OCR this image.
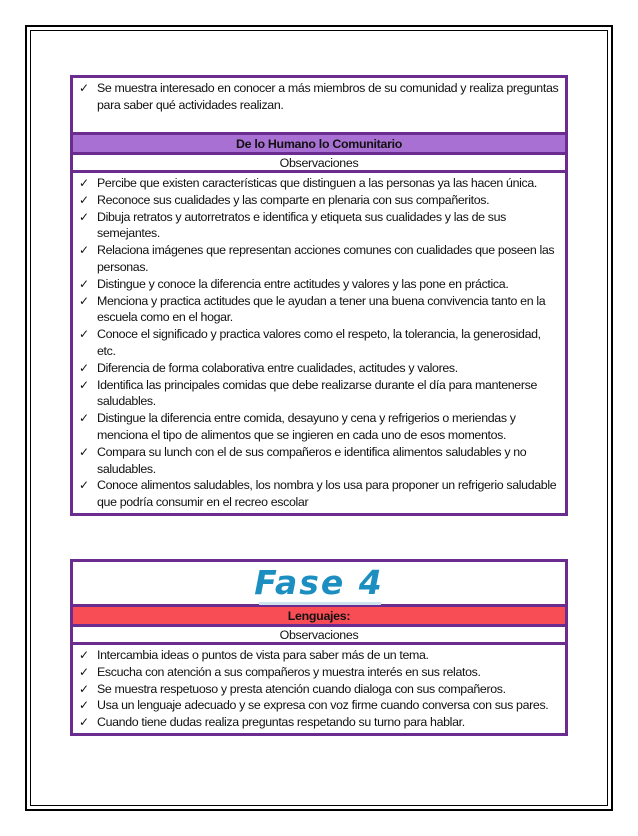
✓ Se muestra interesado en conocer a más miembros de su comunidad y realiza preguntas para saber qué actividades realizan.
De lo Humano lo Comunitario
Observaciones
✓ Percibe que existen características que distinguen a las personas ya las hacen única.
✓ Reconoce sus cualidades y las comparte en plenaria con sus compañeritos.
✓ Dibuja retratos y autorretratos e identifica y etiqueta sus cualidades y las de sus semejantes.
✓ Relaciona imágenes que representan acciones comunes con cualidades que poseen las personas.
✓ Distingue y conoce la diferencia entre actitudes y valores y las pone en práctica.
✓ Menciona y practica actitudes que le ayudan a tener una buena convivencia tanto en la escuela como en el hogar.
✓ Conoce el significado y practica valores como el respeto, la tolerancia, la generosidad, etc.
✓ Diferencia de forma colaborativa entre cualidades, actitudes y valores.
✓ Identifica las principales comidas que debe realizarse durante el día para mantenerse saludables.
✓ Distingue la diferencia entre comida, desayuno y cena y refrigerios o meriendas y menciona el tipo de alimentos que se ingieren en cada uno de esos momentos.
✓ Compara su lunch con el de sus compañeros e identifica alimentos saludables y no saludables.
✓ Conoce alimentos saludables, los nombra y los usa para proponer un refrigerio saludable que podría consumir en el recreo escolar
Fase 4
Lenguajes:
Observaciones
✓ Intercambia ideas o puntos de vista para saber más de un tema.
✓ Escucha con atención a sus compañeros y muestra interés en sus relatos.
✓ Se muestra respetuoso y presta atención cuando dialoga con sus compañeros.
✓ Usa un lenguaje adecuado y se expresa con voz firme cuando conversa con sus pares.
✓ Cuando tiene dudas realiza preguntas respetando su turno para hablar.
